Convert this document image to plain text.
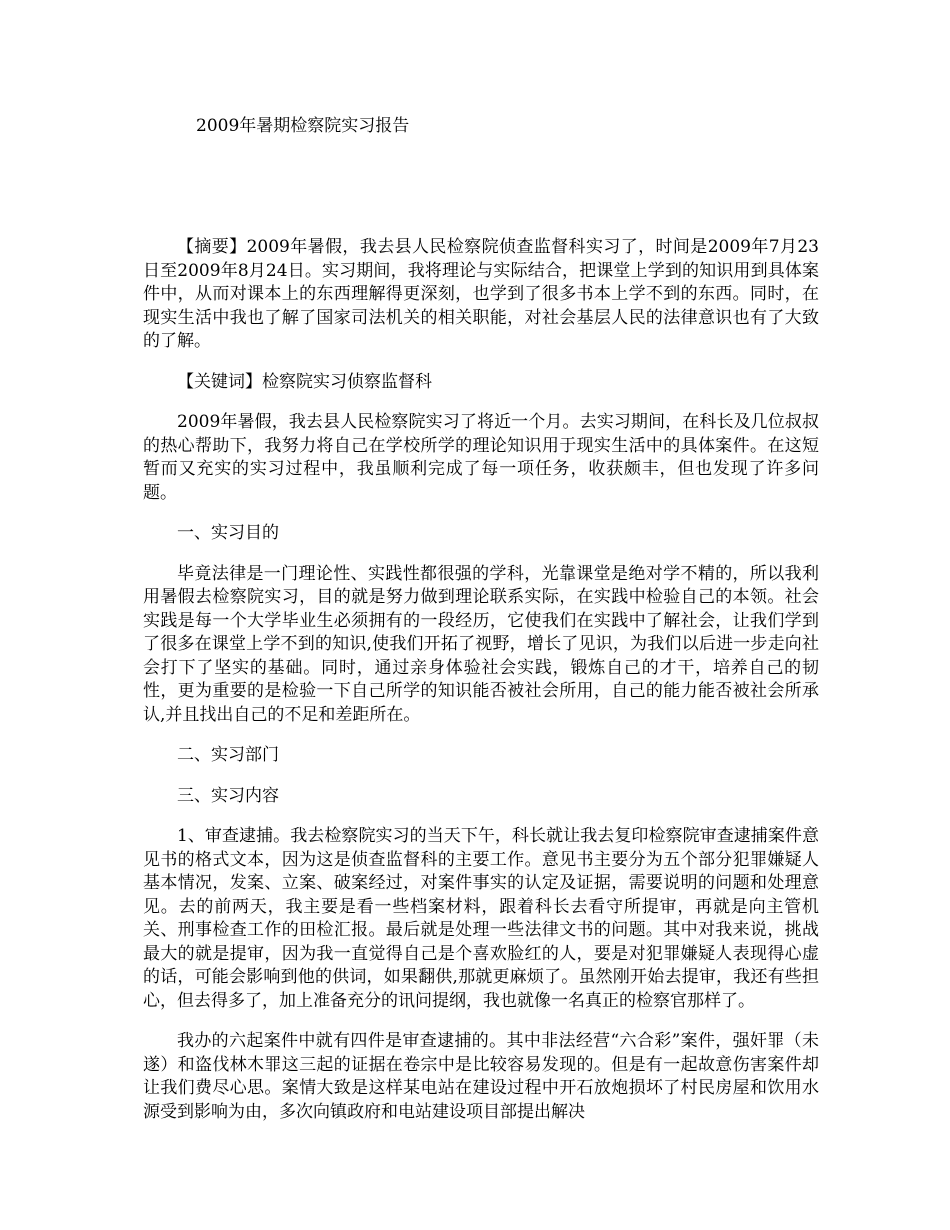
2009年暑期检察院实习报告

【摘要】2009年暑假，我去县人民检察院侦查监督科实习了，时间是2009年7月23日至2009年8月24日。实习期间，我将理论与实际结合，把课堂上学到的知识用到具体案件中，从而对课本上的东西理解得更深刻，也学到了很多书本上学不到的东西。同时，在现实生活中我也了解了国家司法机关的相关职能，对社会基层人民的法律意识也有了大致的了解。

【关键词】检察院实习侦察监督科

2009年暑假，我去县人民检察院实习了将近一个月。去实习期间，在科长及几位叔叔的热心帮助下，我努力将自己在学校所学的理论知识用于现实生活中的具体案件。在这短暂而又充实的实习过程中，我虽顺利完成了每一项任务，收获颇丰，但也发现了许多问题。

一、实习目的

毕竟法律是一门理论性、实践性都很强的学科，光靠课堂是绝对学不精的，所以我利用暑假去检察院实习，目的就是努力做到理论联系实际，在实践中检验自己的本领。社会实践是每一个大学毕业生必须拥有的一段经历，它使我们在实践中了解社会，让我们学到了很多在课堂上学不到的知识,使我们开拓了视野，增长了见识，为我们以后进一步走向社会打下了坚实的基础。同时，通过亲身体验社会实践，锻炼自己的才干，培养自己的韧性，更为重要的是检验一下自己所学的知识能否被社会所用，自己的能力能否被社会所承认,并且找出自己的不足和差距所在。

二、实习部门

三、实习内容

1、审查逮捕。我去检察院实习的当天下午，科长就让我去复印检察院审查逮捕案件意见书的格式文本，因为这是侦查监督科的主要工作。意见书主要分为五个部分犯罪嫌疑人基本情况，发案、立案、破案经过，对案件事实的认定及证据，需要说明的问题和处理意见。去的前两天，我主要是看一些档案材料，跟着科长去看守所提审，再就是向主管机关、刑事检查工作的田检汇报。最后就是处理一些法律文书的问题。其中对我来说，挑战最大的就是提审，因为我一直觉得自己是个喜欢脸红的人，要是对犯罪嫌疑人表现得心虚的话，可能会影响到他的供词，如果翻供,那就更麻烦了。虽然刚开始去提审，我还有些担心，但去得多了，加上准备充分的讯问提纲，我也就像一名真正的检察官那样了。

我办的六起案件中就有四件是审查逮捕的。其中非法经营“六合彩”案件，强奸罪（未遂）和盗伐林木罪这三起的证据在卷宗中是比较容易发现的。但是有一起故意伤害案件却让我们费尽心思。案情大致是这样某电站在建设过程中开石放炮损坏了村民房屋和饮用水源受到影响为由，多次向镇政府和电站建设项目部提出解决
